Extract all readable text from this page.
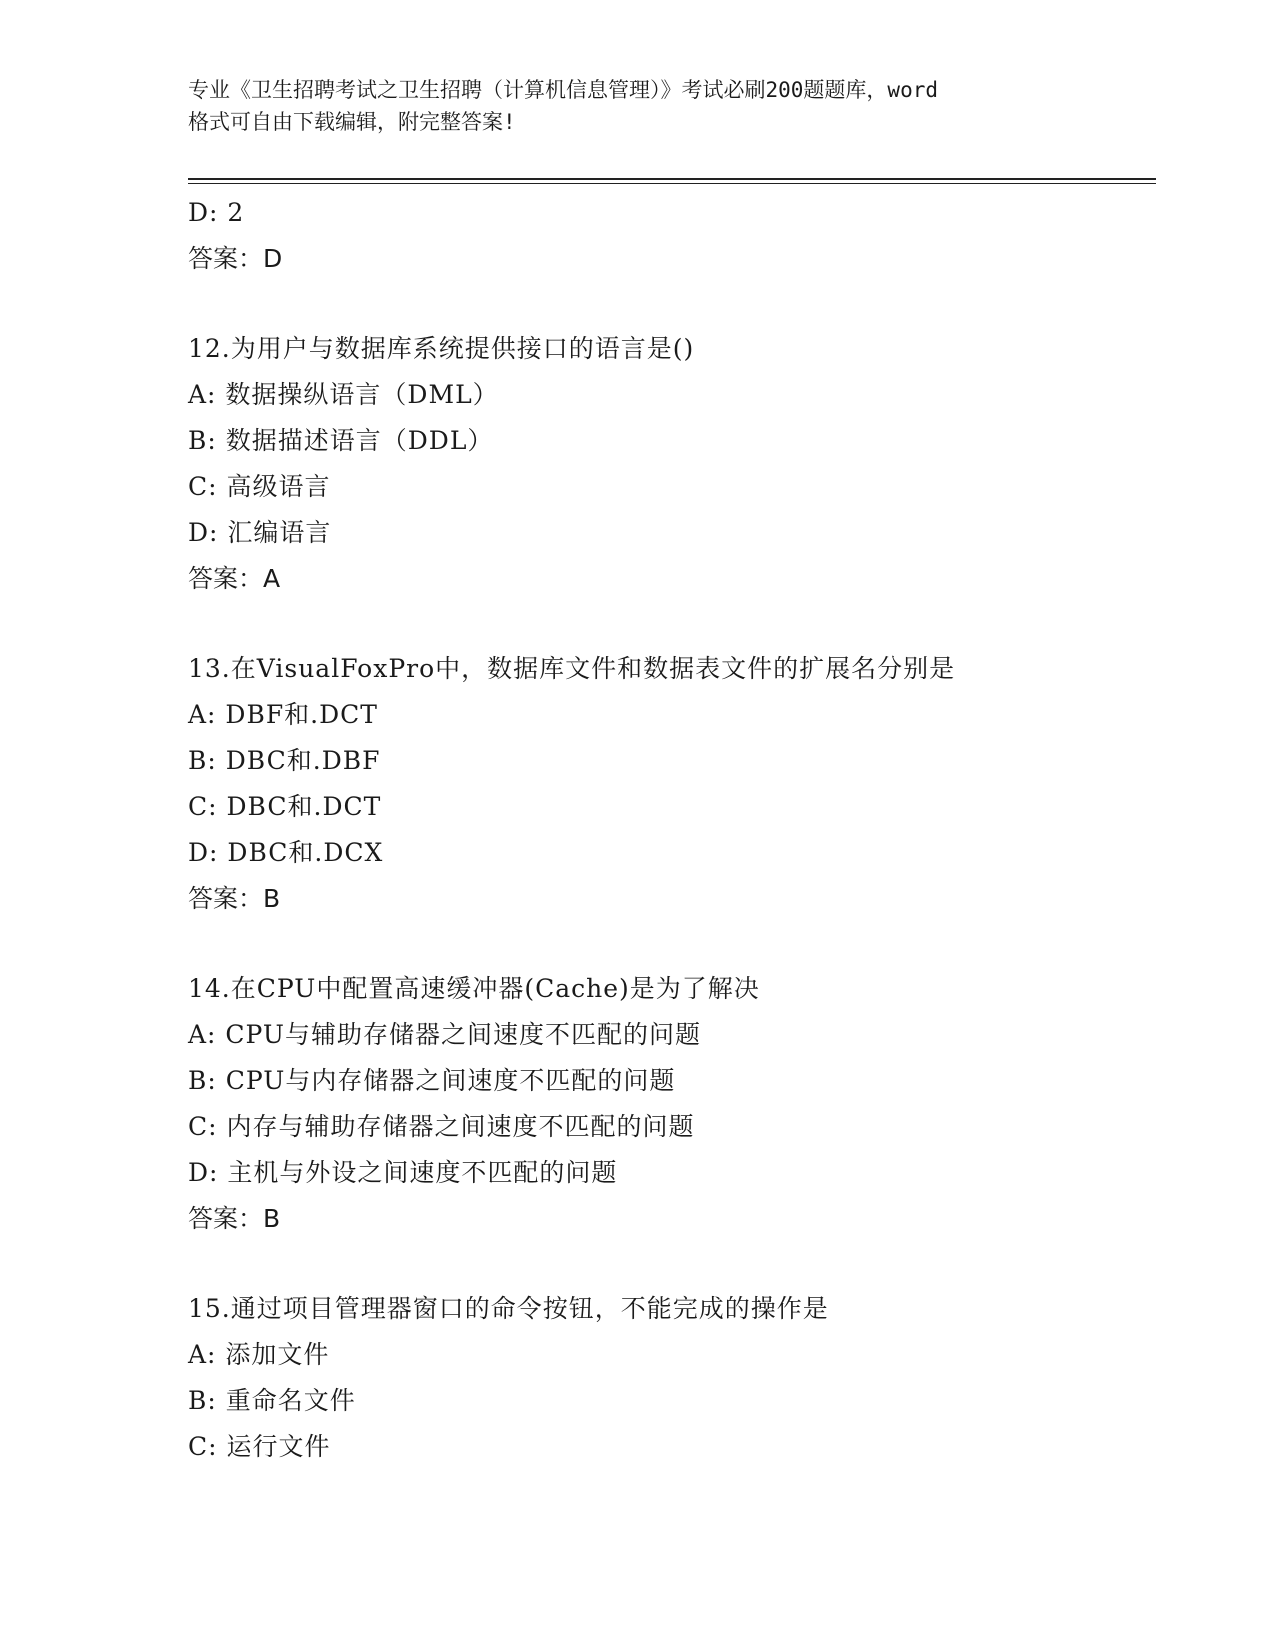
专业《卫生招聘考试之卫生招聘（计算机信息管理）》考试必刷200题题库，word
格式可自由下载编辑，附完整答案!
D: 2
答案：D
12.为用户与数据库系统提供接口的语言是()
A: 数据操纵语言（DML）
B: 数据描述语言（DDL）
C: 高级语言
D: 汇编语言
答案：A
13.在VisualFoxPro中，数据库文件和数据表文件的扩展名分别是
A: DBF和.DCT
B: DBC和.DBF
C: DBC和.DCT
D: DBC和.DCX
答案：B
14.在CPU中配置高速缓冲器(Cache)是为了解决
A: CPU与辅助存储器之间速度不匹配的问题
B: CPU与内存储器之间速度不匹配的问题
C: 内存与辅助存储器之间速度不匹配的问题
D: 主机与外设之间速度不匹配的问题
答案：B
15.通过项目管理器窗口的命令按钮，不能完成的操作是
A: 添加文件
B: 重命名文件
C: 运行文件
